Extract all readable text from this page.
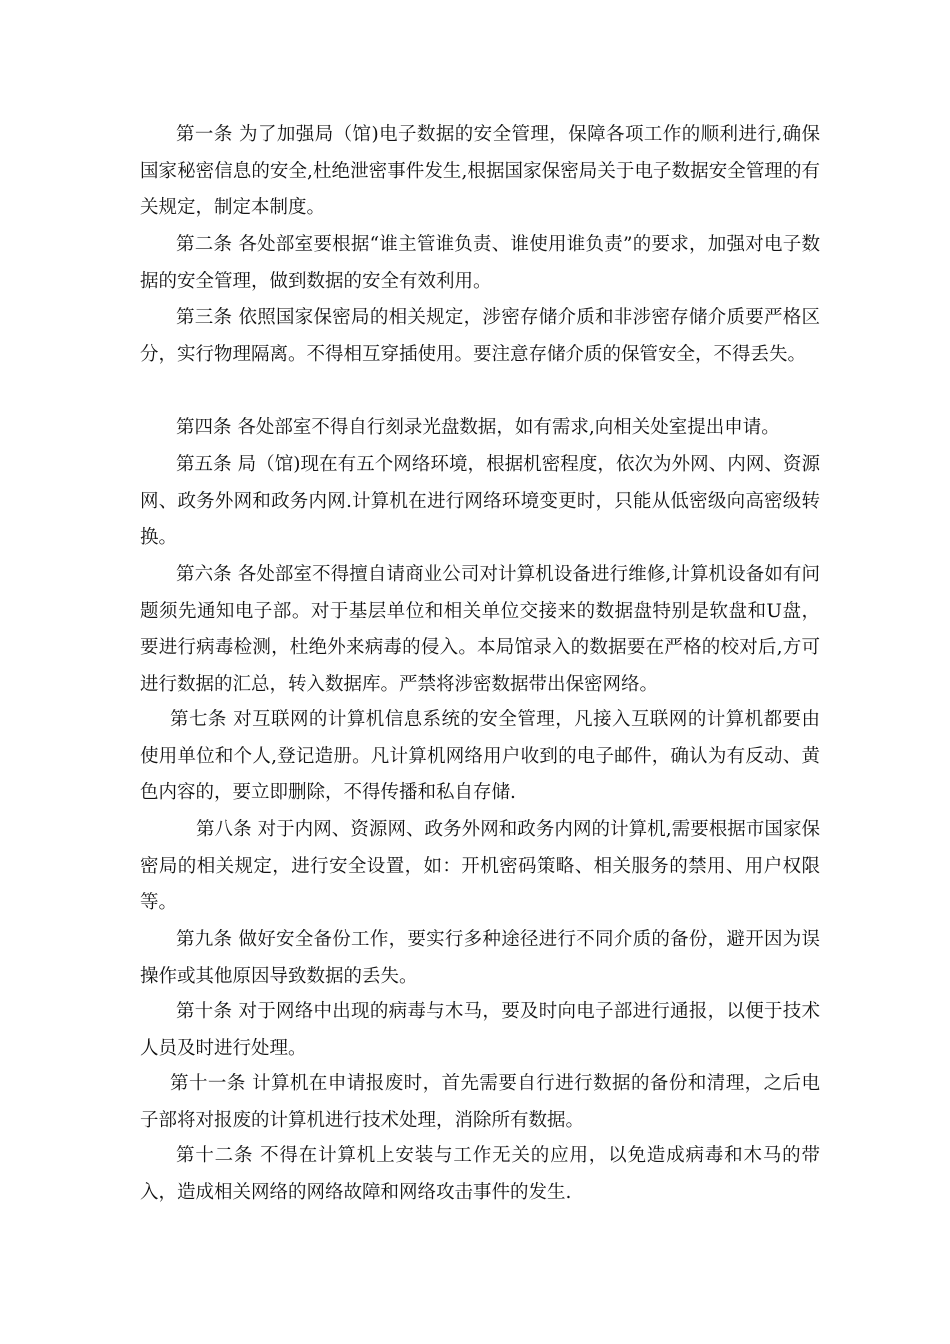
第一条 为了加强局（馆)电子数据的安全管理，保障各项工作的顺利进行,确保国家秘密信息的安全,杜绝泄密事件发生,根据国家保密局关于电子数据安全管理的有关规定，制定本制度。

第二条 各处部室要根据“谁主管谁负责、谁使用谁负责”的要求，加强对电子数据的安全管理，做到数据的安全有效利用。

第三条 依照国家保密局的相关规定，涉密存储介质和非涉密存储介质要严格区分，实行物理隔离。不得相互穿插使用。要注意存储介质的保管安全，不得丢失。

第四条 各处部室不得自行刻录光盘数据，如有需求,向相关处室提出申请。

第五条 局（馆)现在有五个网络环境，根据机密程度，依次为外网、内网、资源网、政务外网和政务内网.计算机在进行网络环境变更时，只能从低密级向高密级转换。

第六条 各处部室不得擅自请商业公司对计算机设备进行维修,计算机设备如有问题须先通知电子部。对于基层单位和相关单位交接来的数据盘特别是软盘和U盘，要进行病毒检测，杜绝外来病毒的侵入。本局馆录入的数据要在严格的校对后,方可进行数据的汇总，转入数据库。严禁将涉密数据带出保密网络。

第七条 对互联网的计算机信息系统的安全管理，凡接入互联网的计算机都要由使用单位和个人,登记造册。凡计算机网络用户收到的电子邮件，确认为有反动、黄色内容的，要立即删除，不得传播和私自存储.

第八条 对于内网、资源网、政务外网和政务内网的计算机,需要根据市国家保密局的相关规定，进行安全设置，如：开机密码策略、相关服务的禁用、用户权限等。

第九条 做好安全备份工作，要实行多种途径进行不同介质的备份，避开因为误操作或其他原因导致数据的丢失。

第十条 对于网络中出现的病毒与木马，要及时向电子部进行通报，以便于技术人员及时进行处理。

第十一条 计算机在申请报废时，首先需要自行进行数据的备份和清理，之后电子部将对报废的计算机进行技术处理，消除所有数据。

第十二条 不得在计算机上安装与工作无关的应用，以免造成病毒和木马的带入，造成相关网络的网络故障和网络攻击事件的发生.
